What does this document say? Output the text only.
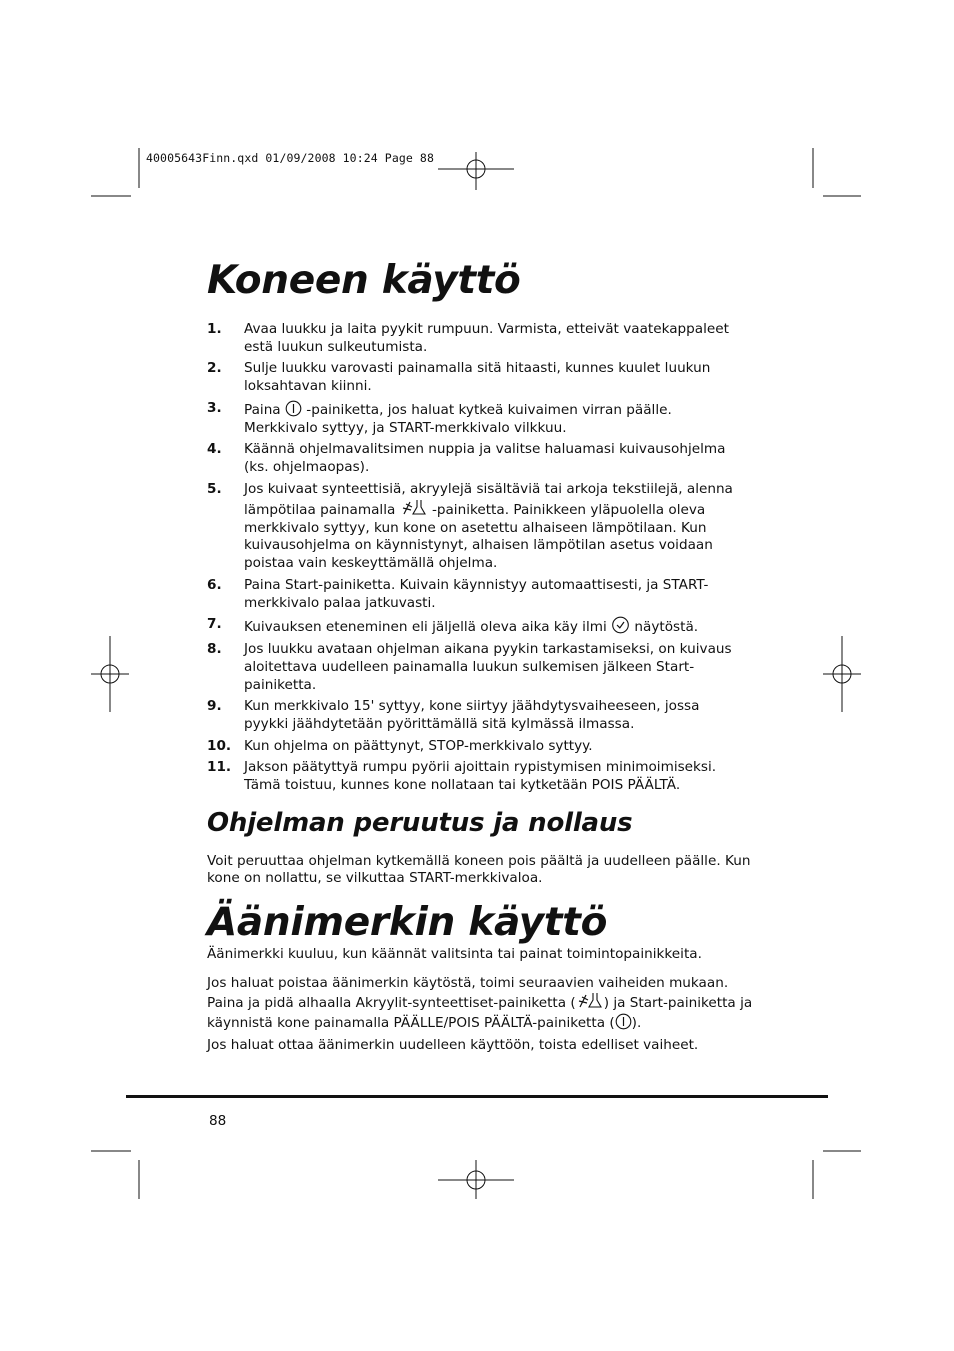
40005643Finn.qxd 01/09/2008 10:24 Page 88
Koneen käyttö
1.	Avaa luukku ja laita pyykit rumpuun. Varmista, etteivät vaatekappaleet estä luukun sulkeutumista.
2.	Sulje luukku varovasti painamalla sitä hitaasti, kunnes kuulet luukun loksahtavan kiinni.
3.	Paina  -painiketta, jos haluat kytkeä kuivaimen virran päälle. Merkkivalo syttyy, ja START-merkkivalo vilkkuu.
4.	Käännä ohjelmavalitsimen nuppia ja valitse haluamasi kuivausohjelma (ks. ohjelmaopas).
5.	Jos kuivaat synteettisiä, akryylejä sisältäviä tai arkoja tekstiilejä, alenna lämpötilaa painamalla  -painiketta. Painikkeen yläpuolella oleva merkkivalo syttyy, kun kone on asetettu alhaiseen lämpötilaan. Kun kuivausohjelma on käynnistynyt, alhaisen lämpötilan asetus voidaan poistaa vain keskeyttämällä ohjelma.
6.	Paina Start-painiketta. Kuivain käynnistyy automaattisesti, ja START-merkkivalo palaa jatkuvasti.
7.	Kuivauksen eteneminen eli jäljellä oleva aika käy ilmi  näytöstä.
8.	Jos luukku avataan ohjelman aikana pyykin tarkastamiseksi, on kuivaus aloitettava uudelleen painamalla luukun sulkemisen jälkeen Start-painiketta.
9.	Kun merkkivalo 15' syttyy, kone siirtyy jäähdytysvaiheeseen, jossa pyykki jäähdytetään pyörittämällä sitä kylmässä ilmassa.
10. Kun ohjelma on päättynyt, STOP-merkkivalo syttyy.
11. Jakson päätyttyä rumpu pyörii ajoittain rypistymisen minimoimiseksi. Tämä toistuu, kunnes kone nollataan tai kytketään POIS PÄÄLTÄ.
Ohjelman peruutus ja nollaus
Voit peruuttaa ohjelman kytkemällä koneen pois päältä ja uudelleen päälle. Kun kone on nollattu, se vilkuttaa START-merkkivaloa.
Äänimerkin käyttö
Äänimerkki kuuluu, kun käännät valitsinta tai painat toimintopainikkeita.
Jos haluat poistaa äänimerkin käytöstä, toimi seuraavien vaiheiden mukaan. Paina ja pidä alhaalla Akryylit-synteettiset-painiketta ( ) ja Start-painiketta ja käynnistä kone painamalla PÄÄLLE/POIS PÄÄLTÄ-painiketta ( ).
Jos haluat ottaa äänimerkin uudelleen käyttöön, toista edelliset vaiheet.
88
